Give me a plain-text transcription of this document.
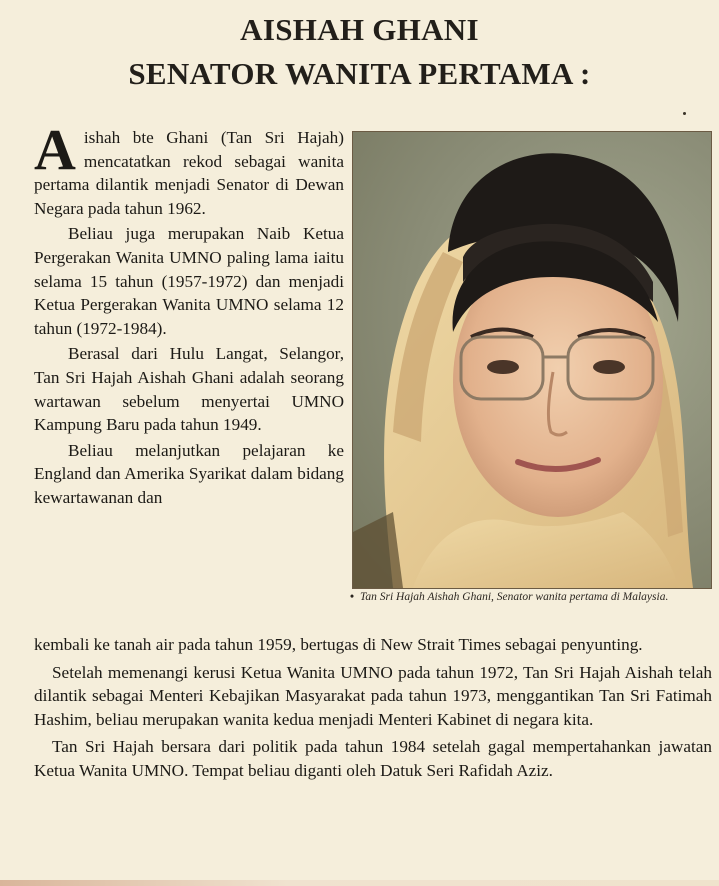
AISHAH GHANI
SENATOR WANITA PERTAMA :

Aishah bte Ghani (Tan Sri Hajah) mencatatkan rekod sebagai wanita pertama dilantik menjadi Senator di Dewan Negara pada tahun 1962.

Beliau juga merupakan Naib Ketua Pergerakan Wanita UMNO paling lama iaitu selama 15 tahun (1957-1972) dan menjadi Ketua Pergerakan Wanita UMNO selama 12 tahun (1972-1984).

Berasal dari Hulu Langat, Selangor, Tan Sri Hajah Aishah Ghani adalah seorang wartawan sebelum menyertai UMNO Kampung Baru pada tahun 1949.

Beliau melanjutkan pelajaran ke England dan Amerika Syarikat dalam bidang kewartawanan dan

• Tan Sri Hajah Aishah Ghani, Senator wanita pertama di Malaysia.

kembali ke tanah air pada tahun 1959, bertugas di New Strait Times sebagai penyunting.

Setelah memenangi kerusi Ketua Wanita UMNO pada tahun 1972, Tan Sri Hajah Aishah telah dilantik sebagai Menteri Kebajikan Masyarakat pada tahun 1973, menggantikan Tan Sri Fatimah Hashim, beliau merupakan wanita kedua menjadi Menteri Kabinet di negara kita.

Tan Sri Hajah bersara dari politik pada tahun 1984 setelah gagal mempertahankan jawatan Ketua Wanita UMNO. Tempat beliau diganti oleh Datuk Seri Rafidah Aziz.
